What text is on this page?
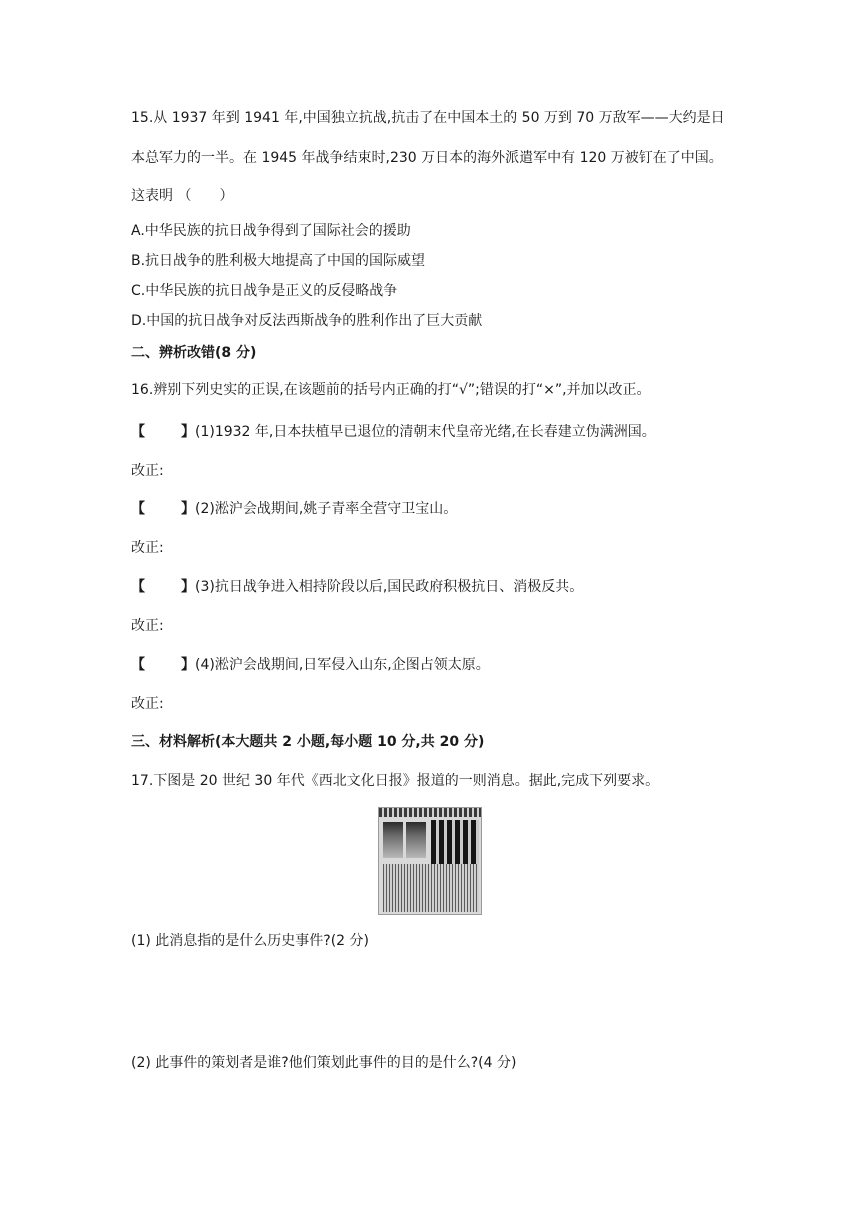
15.从 1937 年到 1941 年,中国独立抗战,抗击了在中国本土的 50 万到 70 万敌军——大约是日
本总军力的一半。在 1945 年战争结束时,230 万日本的海外派遣军中有 120 万被钉在了中国。
这表明 （　　）
A.中华民族的抗日战争得到了国际社会的援助
B.抗日战争的胜利极大地提高了中国的国际威望
C.中华民族的抗日战争是正义的反侵略战争
D.中国的抗日战争对反法西斯战争的胜利作出了巨大贡献
二、辨析改错(8 分)
16.辨别下列史实的正误,在该题前的括号内正确的打“√”;错误的打“×”,并加以改正。
【	】(1)1932 年,日本扶植早已退位的清朝末代皇帝光绪,在长春建立伪满洲国。
改正:
【	】(2)淞沪会战期间,姚子青率全营守卫宝山。
改正:
【	】(3)抗日战争进入相持阶段以后,国民政府积极抗日、消极反共。
改正:
【	】(4)淞沪会战期间,日军侵入山东,企图占领太原。
改正:
三、材料解析(本大题共 2 小题,每小题 10 分,共 20 分)
17.下图是 20 世纪 30 年代《西北文化日报》报道的一则消息。据此,完成下列要求。
(1) 此消息指的是什么历史事件?(2 分)
(2) 此事件的策划者是谁?他们策划此事件的目的是什么?(4 分)
